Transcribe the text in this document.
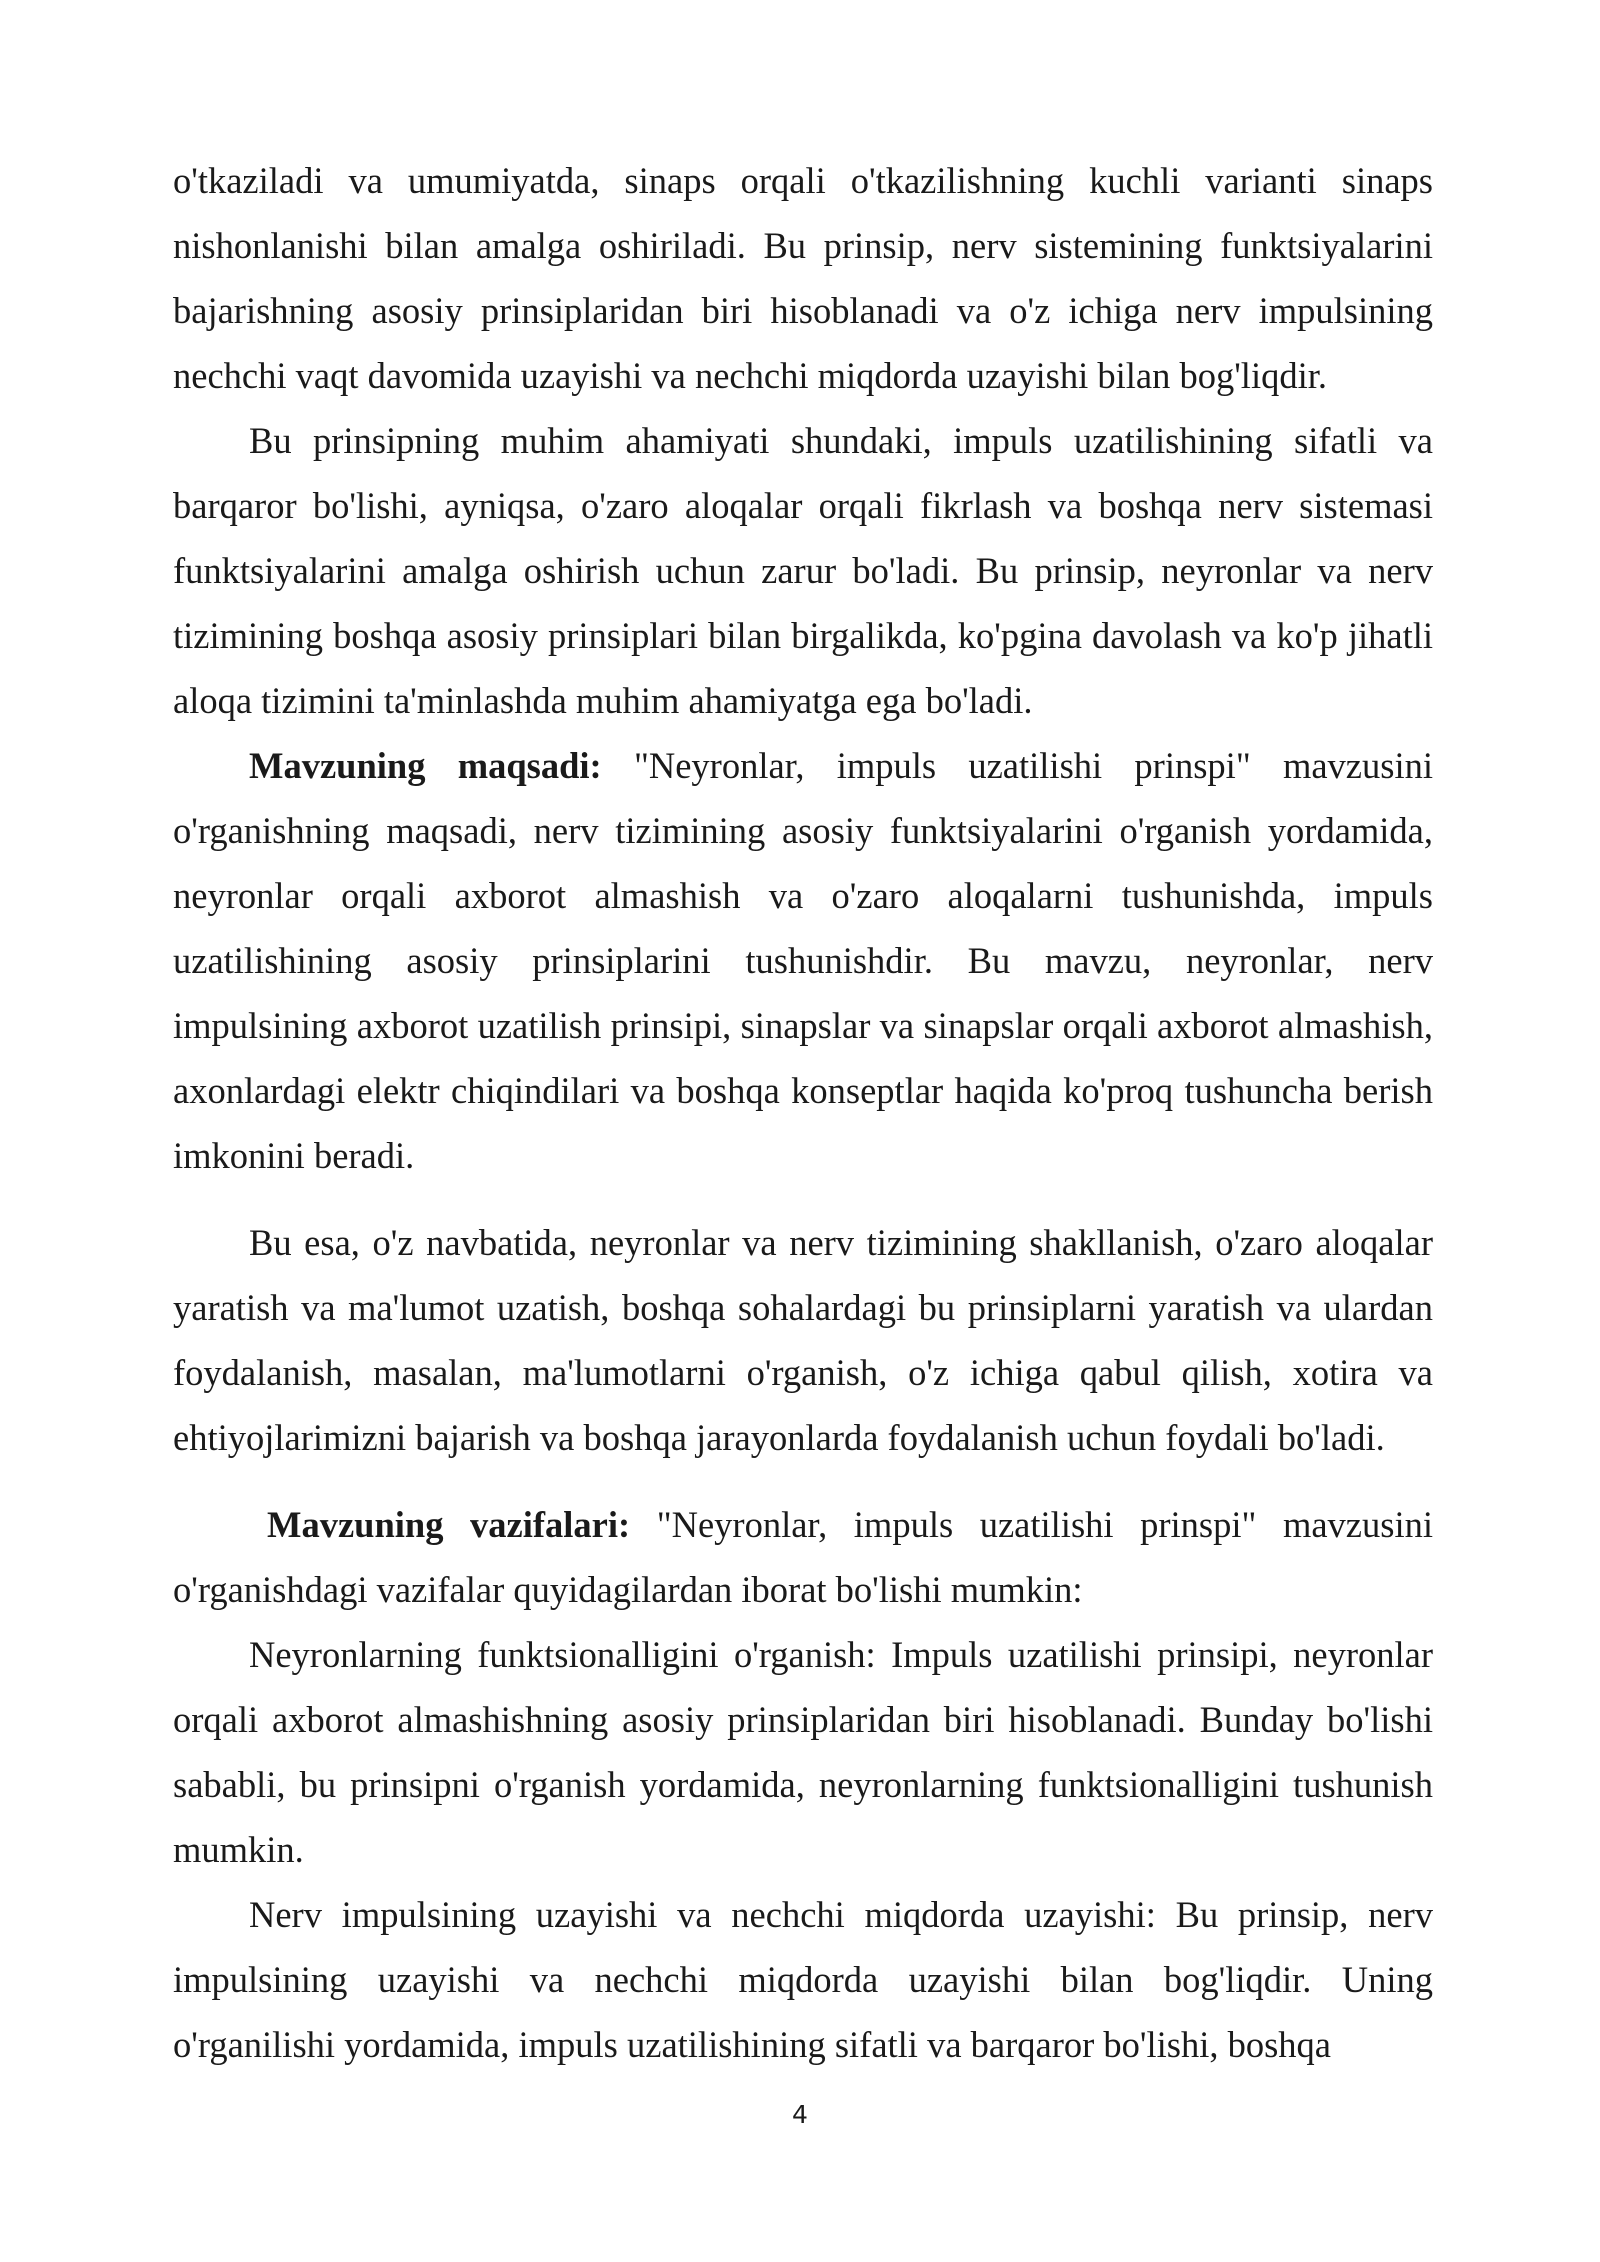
o'tkaziladi va umumiyatda, sinaps orqali o'tkazilishning kuchli varianti sinaps nishonlanishi bilan amalga oshiriladi. Bu prinsip, nerv sistemining funktsiyalarini bajarishning asosiy prinsiplaridan biri hisoblanadi va o'z ichiga nerv impulsining nechchi vaqt davomida uzayishi va nechchi miqdorda uzayishi bilan bog'liqdir.

Bu prinsipning muhim ahamiyati shundaki, impuls uzatilishining sifatli va barqaror bo'lishi, ayniqsa, o'zaro aloqalar orqali fikrlash va boshqa nerv sistemasi funktsiyalarini amalga oshirish uchun zarur bo'ladi. Bu prinsip, neyronlar va nerv tizimining boshqa asosiy prinsiplari bilan birgalikda, ko'pgina davolash va ko'p jihatli aloqa tizimini ta'minlashda muhim ahamiyatga ega bo'ladi.

Mavzuning maqsadi: "Neyronlar, impuls uzatilishi prinspi" mavzusini o'rganishning maqsadi, nerv tizimining asosiy funktsiyalarini o'rganish yordamida, neyronlar orqali axborot almashish va o'zaro aloqalarni tushunishda, impuls uzatilishining asosiy prinsiplarini tushunishdir. Bu mavzu, neyronlar, nerv impulsining axborot uzatilish prinsipi, sinapslar va sinapslar orqali axborot almashish, axonlardagi elektr chiqindilari va boshqa konseptlar haqida ko'proq tushuncha berish imkonini beradi.

Bu esa, o'z navbatida, neyronlar va nerv tizimining shakllanish, o'zaro aloqalar yaratish va ma'lumot uzatish, boshqa sohalardagi bu prinsiplarni yaratish va ulardan foydalanish, masalan, ma'lumotlarni o'rganish, o'z ichiga qabul qilish, xotira va ehtiyojlarimizni bajarish va boshqa jarayonlarda foydalanish uchun foydali bo'ladi.

Mavzuning vazifalari: "Neyronlar, impuls uzatilishi prinspi" mavzusini o'rganishdagi vazifalar quyidagilardan iborat bo'lishi mumkin:

Neyronlarning funktsionalligini o'rganish: Impuls uzatilishi prinsipi, neyronlar orqali axborot almashishning asosiy prinsiplaridan biri hisoblanadi. Bunday bo'lishi sababli, bu prinsipni o'rganish yordamida, neyronlarning funktsionalligini tushunish mumkin.

Nerv impulsining uzayishi va nechchi miqdorda uzayishi: Bu prinsip, nerv impulsining uzayishi va nechchi miqdorda uzayishi bilan bog'liqdir. Uning o'rganilishi yordamida, impuls uzatilishining sifatli va barqaror bo'lishi, boshqa

4
